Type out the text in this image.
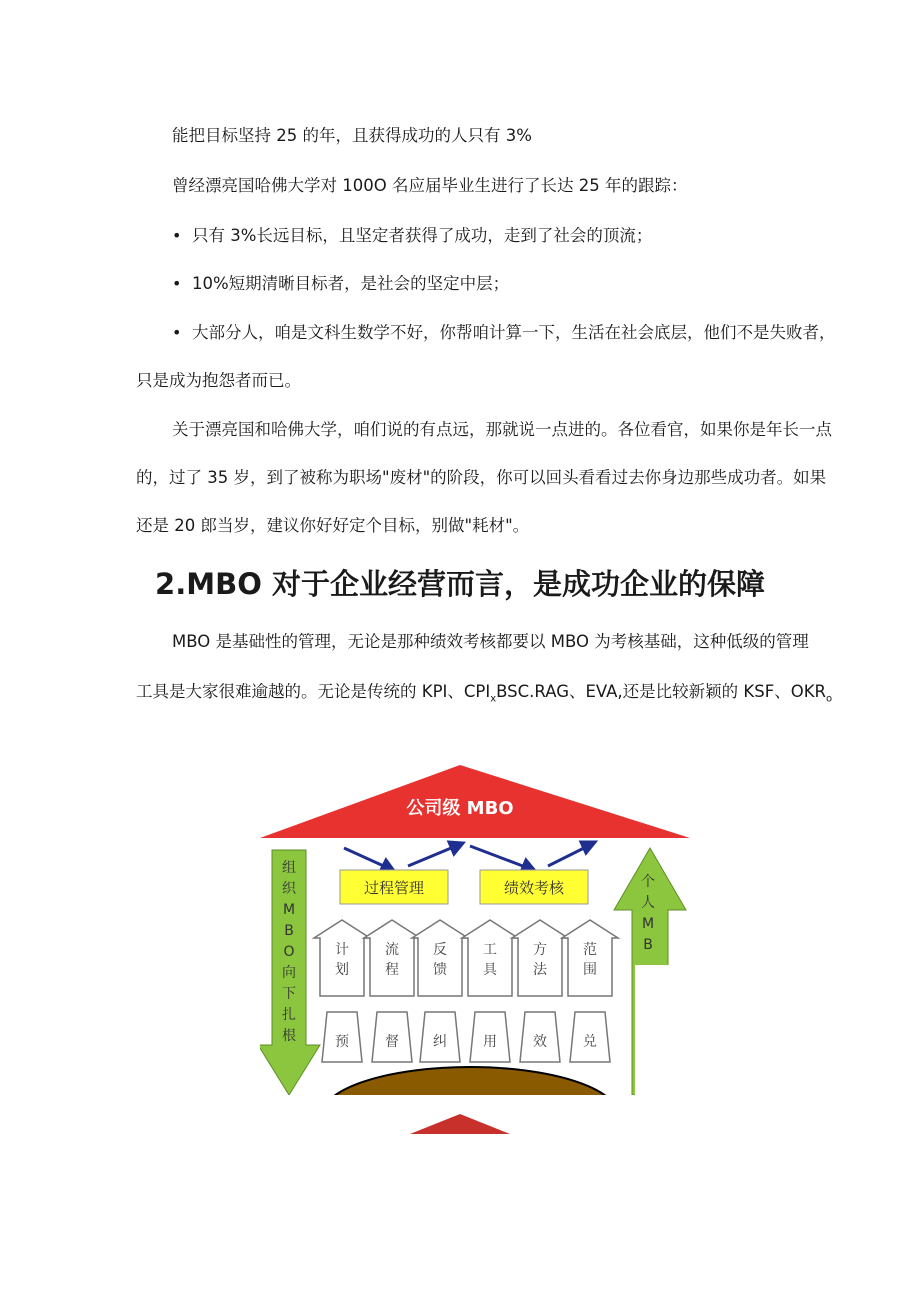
能把目标坚持 25 的年，且获得成功的人只有 3%
曾经漂亮国哈佛大学对 100O 名应届毕业生进行了长达 25 年的跟踪：
• 只有 3%长远目标，且坚定者获得了成功，走到了社会的顶流；
• 10%短期清晰目标者，是社会的坚定中层；
• 大部分人，咱是文科生数学不好，你帮咱计算一下，生活在社会底层，他们不是失败者，
只是成为抱怨者而已。
关于漂亮国和哈佛大学，咱们说的有点远，那就说一点进的。各位看官，如果你是年长一点
的，过了 35 岁，到了被称为职场"废材"的阶段，你可以回头看看过去你身边那些成功者。如果
还是 20 郎当岁，建议你好好定个目标，别做"耗材"。
2.MBO 对于企业经营而言，是成功企业的保障
MBO 是基础性的管理，无论是那种绩效考核都要以 MBO 为考核基础，这种低级的管理
工具是大家很难逾越的。无论是传统的 KPI、$CPI_xBSC.RAG$、EVA,还是比较新颖的 KSF、$OKR_o$
公司级 MBO
组
织
M
B
O
向
下
扎
根
个
人
M
B
过程管理	绩效考核
计
划
预
流
程
督
反
馈
纠
工
具
用
方
法
效
范
围
兑
